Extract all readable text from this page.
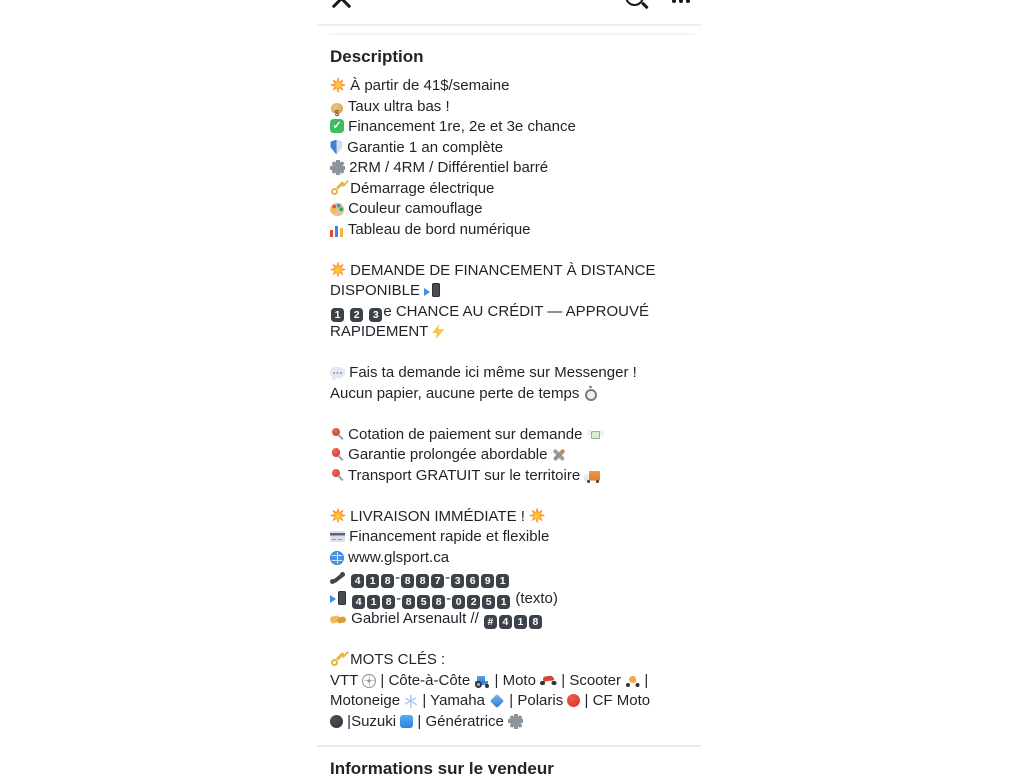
Description
À partir de 41$/semaine
$ Taux ultra bas !
✓ Financement 1re, 2e et 3e chance
Garantie 1 an complète
2RM / 4RM / Différentiel barré
Démarrage électrique
Couleur camouflage
Tableau de bord numérique
DEMANDE DE FINANCEMENT À DISTANCE
DISPONIBLE
1 2 3 e CHANCE AU CRÉDIT — APPROUVÉ
RAPIDEMENT
Fais ta demande ici même sur Messenger !
Aucun papier, aucune perte de temps
Cotation de paiement sur demande
Garantie prolongée abordable
Transport GRATUIT sur le territoire
LIVRAISON IMMÉDIATE !
Financement rapide et flexible
www.glsport.ca
4 1 8 - 8 8 7 - 3 6 9 1
4 1 8 - 8 5 8 - 0 2 5 1 (texto)
Gabriel Arsenault // # 4 1 8
MOTS CLÉS :
VTT  | Côte-à-Côte  | Moto  | Scooter  |
Motoneige  | Yamaha  | Polaris  | CF Moto
|Suzuki  | Génératrice
Informations sur le vendeur
